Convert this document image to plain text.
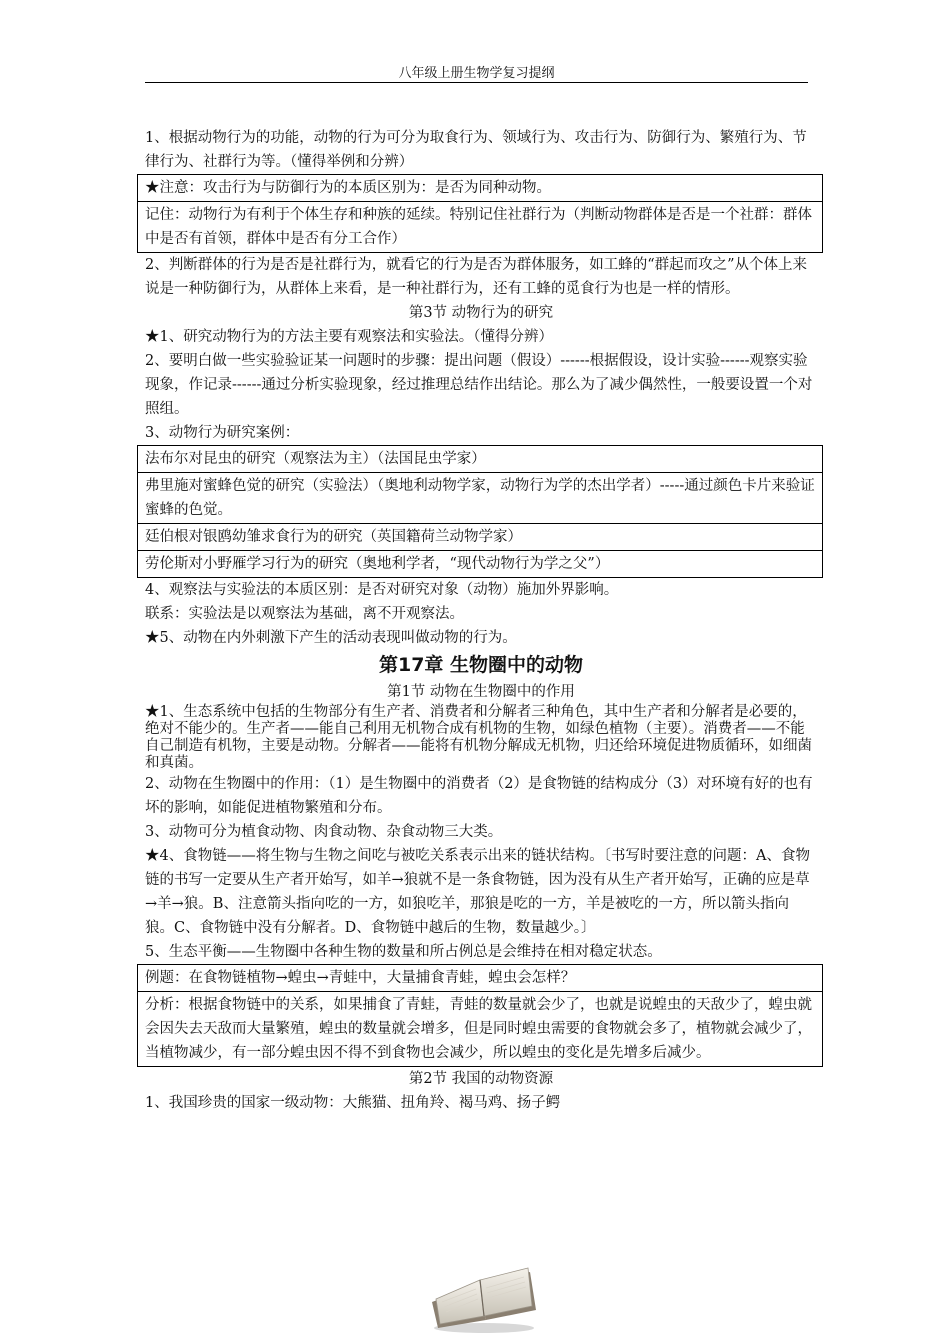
八年级上册生物学复习提纲

1、根据动物行为的功能，动物的行为可分为取食行为、领域行为、攻击行为、防御行为、繁殖行为、节律行为、社群行为等。（懂得举例和分辨）

★注意：攻击行为与防御行为的本质区别为：是否为同种动物。
记住：动物行为有利于个体生存和种族的延续。特别记住社群行为（判断动物群体是否是一个社群：群体中是否有首领，群体中是否有分工合作）

2、判断群体的行为是否是社群行为，就看它的行为是否为群体服务，如工蜂的“群起而攻之”从个体上来说是一种防御行为，从群体上来看，是一种社群行为，还有工蜂的觅食行为也是一样的情形。

第3节 动物行为的研究

★1、研究动物行为的方法主要有观察法和实验法。（懂得分辨）

2、要明白做一些实验验证某一问题时的步骤：提出问题（假设）------根据假设，设计实验------观察实验现象，作记录------通过分析实验现象，经过推理总结作出结论。那么为了减少偶然性，一般要设置一个对照组。

3、动物行为研究案例：

法布尔对昆虫的研究（观察法为主）（法国昆虫学家）
弗里施对蜜蜂色觉的研究（实验法）（奥地利动物学家，动物行为学的杰出学者）-----通过颜色卡片来验证蜜蜂的色觉。
廷伯根对银鸥幼雏求食行为的研究（英国籍荷兰动物学家）
劳伦斯对小野雁学习行为的研究（奥地利学者，“现代动物行为学之父”）

4、观察法与实验法的本质区别：是否对研究对象（动物）施加外界影响。

联系：实验法是以观察法为基础，离不开观察法。

★5、动物在内外刺激下产生的活动表现叫做动物的行为。

第17章 生物圈中的动物

第1节 动物在生物圈中的作用

★1、生态系统中包括的生物部分有生产者、消费者和分解者三种角色，其中生产者和分解者是必要的，绝对不能少的。生产者——能自己利用无机物合成有机物的生物，如绿色植物（主要）。消费者——不能自己制造有机物，主要是动物。分解者——能将有机物分解成无机物，归还给环境促进物质循环，如细菌和真菌。

2、动物在生物圈中的作用：（1）是生物圈中的消费者（2）是食物链的结构成分（3）对环境有好的也有坏的影响，如能促进植物繁殖和分布。

3、动物可分为植食动物、肉食动物、杂食动物三大类。

★4、食物链——将生物与生物之间吃与被吃关系表示出来的链状结构。〔书写时要注意的问题：A、食物链的书写一定要从生产者开始写，如羊→狼就不是一条食物链，因为没有从生产者开始写，正确的应是草→羊→狼。B、注意箭头指向吃的一方，如狼吃羊，那狼是吃的一方，羊是被吃的一方，所以箭头指向狼。C、食物链中没有分解者。D、食物链中越后的生物，数量越少。〕

5、生态平衡——生物圈中各种生物的数量和所占例总是会维持在相对稳定状态。

例题：在食物链植物→蝗虫→青蛙中，大量捕食青蛙，蝗虫会怎样？
分析：根据食物链中的关系，如果捕食了青蛙，青蛙的数量就会少了，也就是说蝗虫的天敌少了，蝗虫就会因失去天敌而大量繁殖，蝗虫的数量就会增多，但是同时蝗虫需要的食物就会多了，植物就会减少了，当植物减少，有一部分蝗虫因不得不到食物也会减少，所以蝗虫的变化是先增多后减少。

第2节 我国的动物资源

1、我国珍贵的国家一级动物：大熊猫、扭角羚、褐马鸡、扬子鳄
